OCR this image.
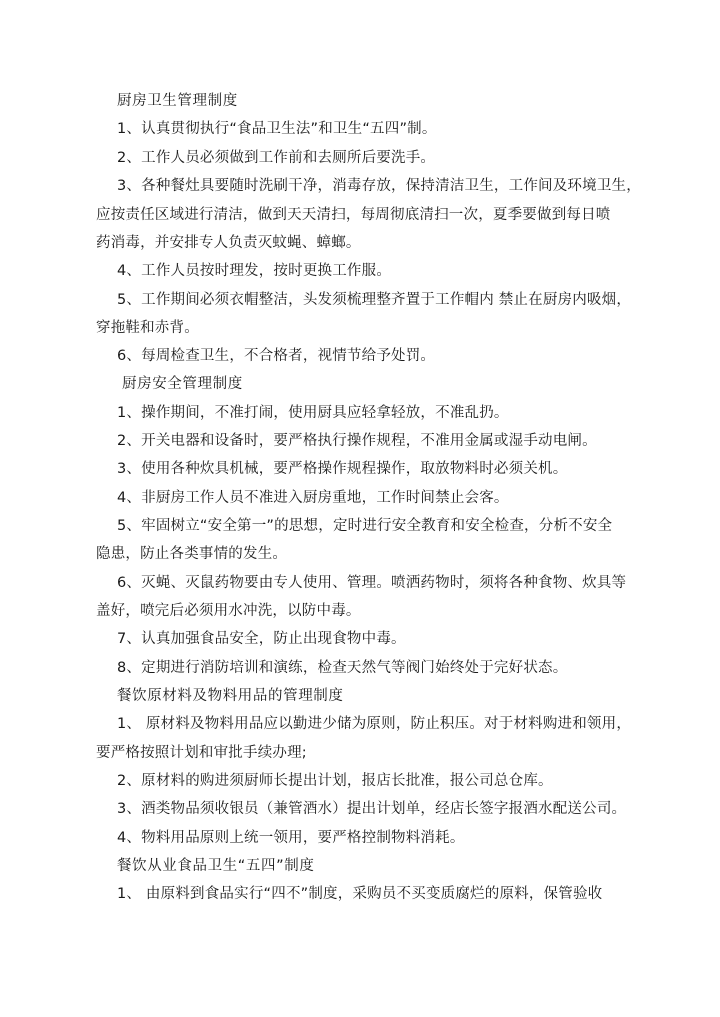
厨房卫生管理制度
1、认真贯彻执行“食品卫生法”和卫生“五四”制。
2、工作人员必须做到工作前和去厕所后要洗手。
3、各种餐灶具要随时洗刷干净，消毒存放，保持清洁卫生，工作间及环境卫生，
应按责任区域进行清洁，做到天天清扫，每周彻底清扫一次，夏季要做到每日喷
药消毒，并安排专人负责灭蚊蝇、蟑螂。
4、工作人员按时理发，按时更换工作服。
5、工作期间必须衣帽整洁，头发须梳理整齐置于工作帽内 禁止在厨房内吸烟，
穿拖鞋和赤背。
6、每周检查卫生，不合格者，视情节给予处罚。
厨房安全管理制度
1、操作期间，不准打闹，使用厨具应轻拿轻放，不准乱扔。
2、开关电器和设备时，要严格执行操作规程，不准用金属或湿手动电闸。
3、使用各种炊具机械，要严格操作规程操作，取放物料时必须关机。
4、非厨房工作人员不准进入厨房重地，工作时间禁止会客。
5、牢固树立“安全第一”的思想，定时进行安全教育和安全检查，分析不安全
隐患，防止各类事情的发生。
6、灭蝇、灭鼠药物要由专人使用、管理。喷洒药物时，须将各种食物、炊具等
盖好，喷完后必须用水冲洗，以防中毒。
7、认真加强食品安全，防止出现食物中毒。
8、定期进行消防培训和演练，检查天然气等阀门始终处于完好状态。
餐饮原材料及物料用品的管理制度
1、 原材料及物料用品应以勤进少储为原则，防止积压。对于材料购进和领用，
要严格按照计划和审批手续办理;
2、原材料的购进须厨师长提出计划，报店长批准，报公司总仓库。
3、酒类物品须收银员（兼管酒水）提出计划单，经店长签字报酒水配送公司。
4、物料用品原则上统一领用，要严格控制物料消耗。
餐饮从业食品卫生“五四”制度
1、 由原料到食品实行“四不”制度，采购员不买变质腐烂的原料，保管验收
